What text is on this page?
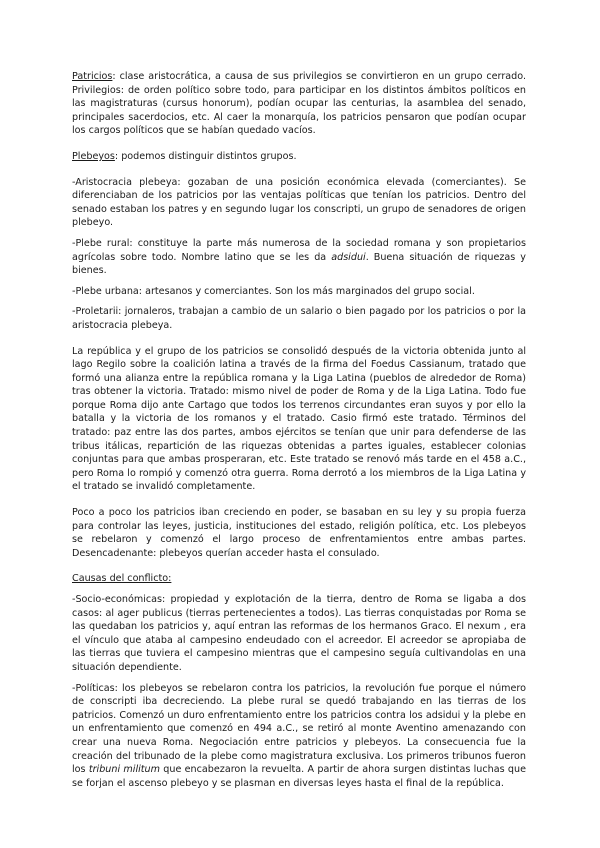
Patricios: clase aristocrática, a causa de sus privilegios se convirtieron en un grupo cerrado. Privilegios: de orden político sobre todo, para participar en los distintos ámbitos políticos en las magistraturas (cursus honorum), podían ocupar las centurias, la asamblea del senado, principales sacerdocios, etc. Al caer la monarquía, los patricios pensaron que podían ocupar los cargos políticos que se habían quedado vacíos.

Plebeyos: podemos distinguir distintos grupos.

-Aristocracia plebeya: gozaban de una posición económica elevada (comerciantes). Se diferenciaban de los patricios por las ventajas políticas que tenían los patricios. Dentro del senado estaban los patres y en segundo lugar los conscripti, un grupo de senadores de origen plebeyo.

-Plebe rural: constituye la parte más numerosa de la sociedad romana y son propietarios agrícolas sobre todo. Nombre latino que se les da adsidui. Buena situación de riquezas y bienes.

-Plebe urbana: artesanos y comerciantes. Son los más marginados del grupo social.

-Proletarii: jornaleros, trabajan a cambio de un salario o bien pagado por los patricios o por la aristocracia plebeya.

La república y el grupo de los patricios se consolidó después de la victoria obtenida junto al lago Regilo sobre la coalición latina a través de la firma del Foedus Cassianum, tratado que formó una alianza entre la república romana y la Liga Latina (pueblos de alrededor de Roma) tras obtener la victoria. Tratado: mismo nivel de poder de Roma y de la Liga Latina. Todo fue porque Roma dijo ante Cartago que todos los terrenos circundantes eran suyos y por ello la batalla y la victoria de los romanos y el tratado. Casio firmó este tratado. Términos del tratado: paz entre las dos partes, ambos ejércitos se tenían que unir para defenderse de las tribus itálicas, repartición de las riquezas obtenidas a partes iguales, establecer colonias conjuntas para que ambas prosperaran, etc. Este tratado se renovó más tarde en el 458 a.C., pero Roma lo rompió y comenzó otra guerra. Roma derrotó a los miembros de la Liga Latina y el tratado se invalidó completamente.

Poco a poco los patricios iban creciendo en poder, se basaban en su ley y su propia fuerza para controlar las leyes, justicia, instituciones del estado, religión política, etc. Los plebeyos se rebelaron y comenzó el largo proceso de enfrentamientos entre ambas partes. Desencadenante: plebeyos querían acceder hasta el consulado.

Causas del conflicto:

-Socio-económicas: propiedad y explotación de la tierra, dentro de Roma se ligaba a dos casos: al ager publicus (tierras pertenecientes a todos). Las tierras conquistadas por Roma se las quedaban los patricios y, aquí entran las reformas de los hermanos Graco. El nexum , era el vínculo que ataba al campesino endeudado con el acreedor. El acreedor se apropiaba de las tierras que tuviera el campesino mientras que el campesino seguía cultivandolas en una situación dependiente.

-Políticas: los plebeyos se rebelaron contra los patricios, la revolución fue porque el número de conscripti iba decreciendo. La plebe rural se quedó trabajando en las tierras de los patricios. Comenzó un duro enfrentamiento entre los patricios contra los adsidui y la plebe en un enfrentamiento que comenzó en 494 a.C., se retiró al monte Aventino amenazando con crear una nueva Roma. Negociación entre patricios y plebeyos. La consecuencia fue la creación del tribunado de la plebe como magistratura exclusiva. Los primeros tribunos fueron los tribuni militum que encabezaron la revuelta. A partir de ahora surgen distintas luchas que se forjan el ascenso plebeyo y se plasman en diversas leyes hasta el final de la república.
